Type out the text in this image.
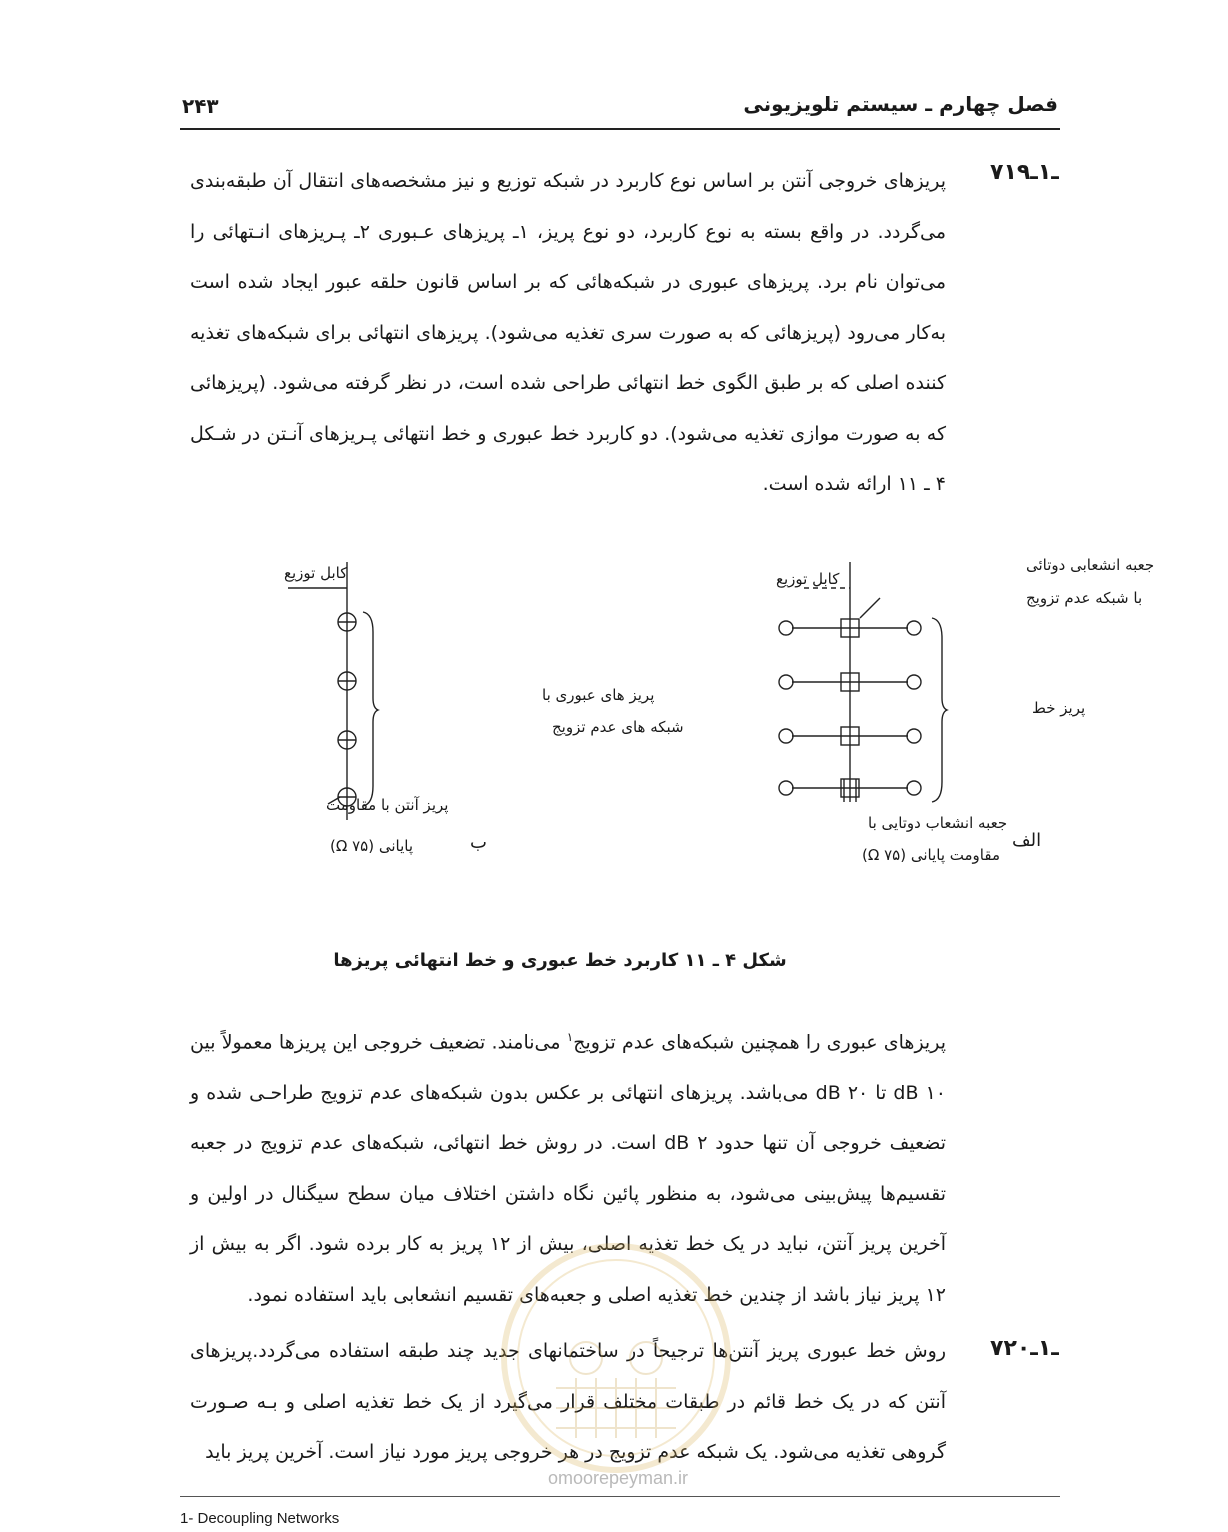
۲۴۳	فصل چهارم ـ سیستم تلویزیونی
۷ـ۱ـ۱۹

پریزهای خروجی آنتن بر اساس نوع کاربرد در شبکه توزیع و نیز مشخصه‌های انتقال آن طبقه‌بندی می‌گردد. در واقع بسته به نوع کاربرد، دو نوع پریز، ۱ـ پریزهای عـبوری ۲ـ پـریزهای انـتهائی را می‌توان نام برد. پریزهای عبوری در شبکه‌هائی که بر اساس قانون حلقه عبور ایجاد شده است به‌کار می‌رود (پریزهائی که به صورت سری تغذیه می‌شود). پریزهای انتهائی برای شبکه‌های تغذیه کننده اصلی که بر طبق الگوی خط انتهائی طراحی شده است، در نظر گرفته می‌شود. (پریزهائی که به صورت موازی تغذیه می‌شود). دو کاربرد خط عبوری و خط انتهائی پـریزهای آنـتن در شـکل ۴ ـ ۱۱ ارائه شده است.

کابل توزیع
پریز های عبوری با
شبکه های عدم تزویج
پریز آنتن با مقاومت
پایانی (۷۵ Ω)	ب
کابل توزیع
جعبه انشعابی دوتائی
با شبکه عدم تزویج
پریز خط
جعبه انشعاب دوتایی با
مقاومت پایانی (۷۵ Ω)
الف
شکل ۴ ـ ۱۱ کاربرد خط عبوری و خط انتهائی پریزها

پریزهای عبوری را همچنین شبکه‌های عدم تزویج$^۱$ می‌نامند. تضعیف خروجی این پریزها معمولاً بین ۱۰ dB تا ۲۰ dB می‌باشد. پریزهای انتهائی بر عکس بدون شبکه‌های عدم تزویج طراحـی شده و تضعیف خروجی آن تنها حدود ۲ dB است. در روش خط انتهائی، شبکه‌های عدم تزویج در جعبه تقسیم‌ها پیش‌بینی می‌شود، به منظور پائین نگاه داشتن اختلاف میان سطح سیگنال در اولین و آخرین پریز آنتن، نباید در یک خط تغذیه اصلی، بیش از ۱۲ پریز به کار برده شود. اگر به بیش از ۱۲ پریز نیاز باشد از چندین خط تغذیه اصلی و جعبه‌های تقسیم انشعابی باید استفاده نمود.

۷ـ۱ـ۲۰

روش خط عبوری پریز آنتن‌ها ترجیحاً در ساختمانهای جدید چند طبقه استفاده می‌گردد.پریزهای آنتن که در یک خط قائم در طبقات مختلف قرار می‌گیرد از یک خط تغذیه اصلی و بـه صـورت گروهی تغذیه می‌شود. یک شبکه عدم تزویج در هر خروجی پریز مورد نیاز است. آخرین پریز باید

omoorepeyman.ir
1- Decoupling Networks
